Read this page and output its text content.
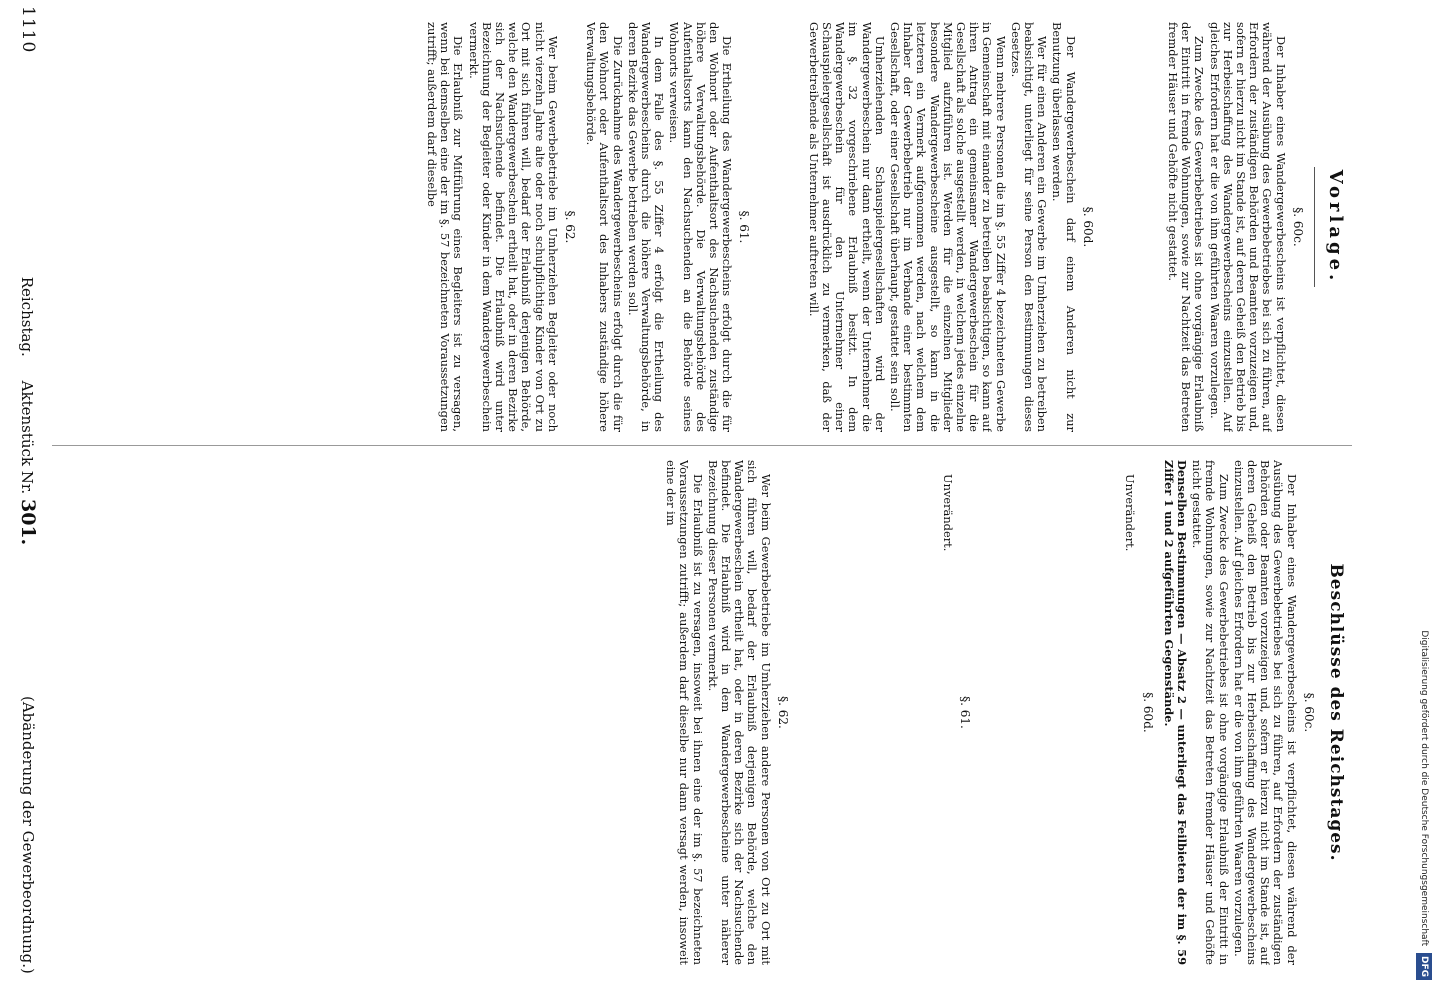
1110
Reichstag.     Aktenstück Nr. 301.
(Abänderung der Gewerbeordnung.)
Vorlage.
§. 60c.

Der Inhaber eines Wandergewerbescheins ist verpflichtet, diesen während der Ausübung des Gewerbebetriebes bei sich zu führen, auf Erfordern der zuständigen Behörden und Beamten vorzuzeigen und, sofern er hierzu nicht im Stande ist, auf deren Geheiß den Betrieb bis zur Herbeischaffung des Wandergewerbescheins einzustellen. Auf gleiches Erfordern hat er die von ihm geführten Waaren vorzulegen.

Zum Zwecke des Gewerbebetriebes ist ohne vorgängige Erlaubniß der Eintritt in fremde Wohnungen, sowie zur Nachtzeit das Betreten fremder Häuser und Gehöfte nicht gestattet.

§. 60d.

Der Wandergewerbeschein darf einem Anderen nicht zur Benutzung überlassen werden.

Wer für einen Anderen ein Gewerbe im Umherziehen zu betreiben beabsichtigt, unterliegt für seine Person den Bestimmungen dieses Gesetzes.

Wenn mehrere Personen die im §. 55 Ziffer 4 bezeichneten Gewerbe in Gemeinschaft mit einander zu betreiben beabsichtigen, so kann auf ihren Antrag ein gemeinsamer Wandergewerbeschein für die Gesellschaft als solche ausgestellt werden, in welchem jedes einzelne Mitglied aufzuführen ist. Werden für die einzelnen Mitglieder besondere Wandergewerbescheine ausgestellt, so kann in die letzteren ein Vermerk aufgenommen werden, nach welchem dem Inhaber der Gewerbebetrieb nur im Verbande einer bestimmten Gesellschaft, oder einer Gesellschaft überhaupt, gestattet sein soll.

Umherziehenden Schauspielergesellschaften wird der Wandergewerbeschein nur dann ertheilt, wenn der Unternehmer die im §. 32 vorgeschriebene Erlaubniß besitzt. In dem Wandergewerbeschein für den Unternehmer einer Schauspielergesellschaft ist ausdrücklich zu vermerken, daß der Gewerbetreibende als Unternehmer auftreten will.

§. 61.

Die Ertheilung des Wandergewerbescheins erfolgt durch die für den Wohnort oder Aufenthaltsort des Nachsuchenden zuständige höhere Verwaltungsbehörde. Die Verwaltungsbehörde des Aufenthaltsorts kann den Nachsuchenden an die Behörde seines Wohnorts verweisen.

In dem Falle des §. 55 Ziffer 4 erfolgt die Ertheilung des Wandergewerbescheins durch die höhere Verwaltungsbehörde, in deren Bezirke das Gewerbe betrieben werden soll.

Die Zurücknahme des Wandergewerbescheins erfolgt durch die für den Wohnort oder Aufenthaltsort des Inhabers zuständige höhere Verwaltungsbehörde.

§. 62.

Wer beim Gewerbebetriebe im Umherziehen Begleiter oder noch nicht vierzehn Jahre alte oder noch schulpflichtige Kinder von Ort zu Ort mit sich führen will, bedarf der Erlaubniß derjenigen Behörde, welche den Wandergewerbeschein ertheilt hat, oder in deren Bezirke sich der Nachsuchende befindet. Die Erlaubniß wird unter Bezeichnung der Begleiter oder Kinder in dem Wandergewerbeschein vermerkt.

Die Erlaubniß zur Mitführung eines Begleiters ist zu versagen, wenn bei demselben eine der im §. 57 bezeichneten Voraussetzungen zutrifft; außerdem darf dieselbe

Beschlüsse des Reichstages.
§. 60c.

Der Inhaber eines Wandergewerbescheins ist verpflichtet, diesen während der Ausübung des Gewerbebetriebes bei sich zu führen, auf Erfordern der zuständigen Behörden oder Beamten vorzuzeigen und, sofern er hierzu nicht im Stande ist, auf deren Geheiß den Betrieb bis zur Herbeischaffung des Wandergewerbescheins einzustellen. Auf gleiches Erfordern hat er die von ihm geführten Waaren vorzulegen.

Zum Zwecke des Gewerbebetriebes ist ohne vorgängige Erlaubniß der Eintritt in fremde Wohnungen, sowie zur Nachtzeit das Betreten fremder Häuser und Gehöfte nicht gestattet.

Denselben Bestimmungen — Absatz 2 — unterliegt das Feilbieten der im §. 59 Ziffer 1 und 2 aufgeführten Gegenstände.

§. 60d.

Unverändert.

§. 61.

Unverändert.

§. 62.

Wer beim Gewerbebetriebe im Umherziehen andere Personen von Ort zu Ort mit sich führen will, bedarf der Erlaubniß derjenigen Behörde, welche den Wandergewerbeschein ertheilt hat, oder in deren Bezirke sich der Nachsuchende befindet. Die Erlaubniß wird in dem Wandergewerbescheine unter näherer Bezeichnung dieser Personen vermerkt.

Die Erlaubniß ist zu versagen, insoweit bei ihnen eine der im §. 57 bezeichneten Voraussetzungen zutrifft; außerdem darf dieselbe nur dann versagt werden, insoweit eine der im

Digitalisierung gefördert durch die Deutsche Forschungsgemeinschaft DFG
